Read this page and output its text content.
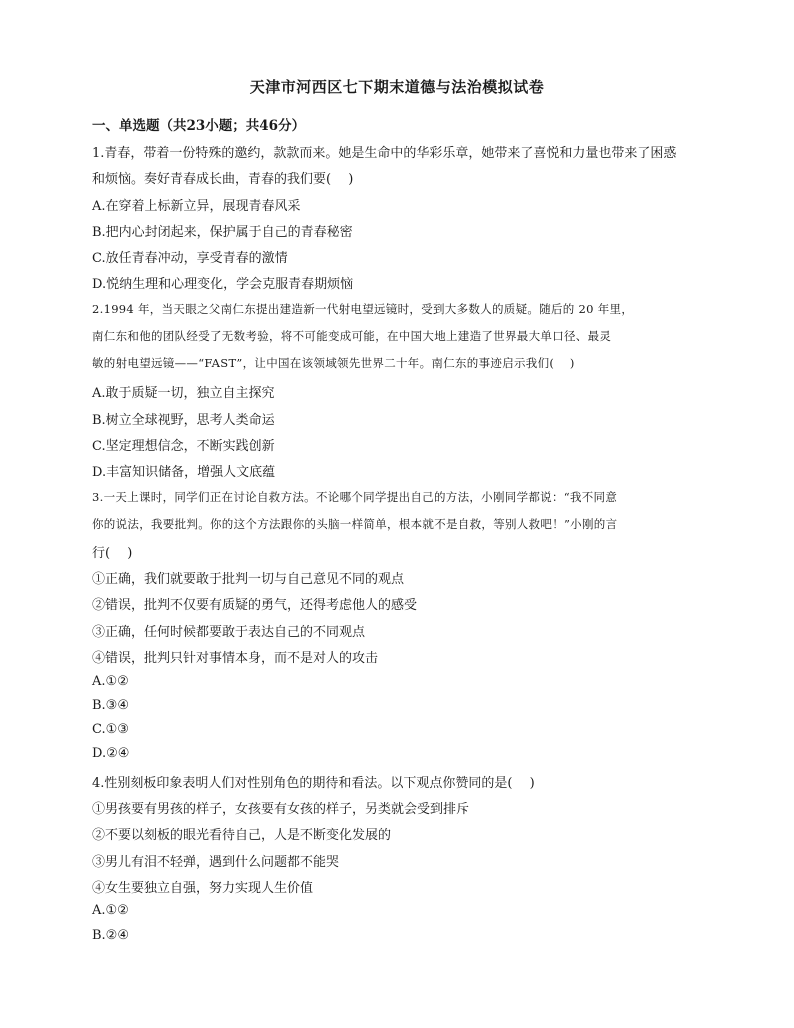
天津市河西区七下期末道德与法治模拟试卷
一、单选题（共23小题；共46分）
1.青春，带着一份特殊的邀约，款款而来。她是生命中的华彩乐章，她带来了喜悦和力量也带来了困惑
和烦恼。奏好青春成长曲，青春的我们要(　 )
A.在穿着上标新立异，展现青春风采
B.把内心封闭起来，保护属于自己的青春秘密
C.放任青春冲动，享受青春的激情
D.悦纳生理和心理变化，学会克服青春期烦恼
2.1994 年，当天眼之父南仁东提出建造新一代射电望远镜时，受到大多数人的质疑。随后的 20 年里，
南仁东和他的团队经受了无数考验，将不可能变成可能，在中国大地上建造了世界最大单口径、最灵
敏的射电望远镜——“FAST”，让中国在该领域领先世界二十年。南仁东的事迹启示我们(　 )
A.敢于质疑一切，独立自主探究
B.树立全球视野，思考人类命运
C.坚定理想信念，不断实践创新
D.丰富知识储备，增强人文底蕴
3.一天上课时，同学们正在讨论自救方法。不论哪个同学提出自己的方法，小刚同学都说：“我不同意
你的说法，我要批判。你的这个方法跟你的头脑一样简单，根本就不是自救，等别人救吧！”小刚的言
行(　 )
①正确，我们就要敢于批判一切与自己意见不同的观点
②错误，批判不仅要有质疑的勇气，还得考虑他人的感受
③正确，任何时候都要敢于表达自己的不同观点
④错误，批判只针对事情本身，而不是对人的攻击
A.①②
B.③④
C.①③
D.②④
4.性别刻板印象表明人们对性别角色的期待和看法。以下观点你赞同的是(　 )
①男孩要有男孩的样子，女孩要有女孩的样子，另类就会受到排斥
②不要以刻板的眼光看待自己，人是不断变化发展的
③男儿有泪不轻弹，遇到什么问题都不能哭
④女生要独立自强，努力实现人生价值
A.①②
B.②④
